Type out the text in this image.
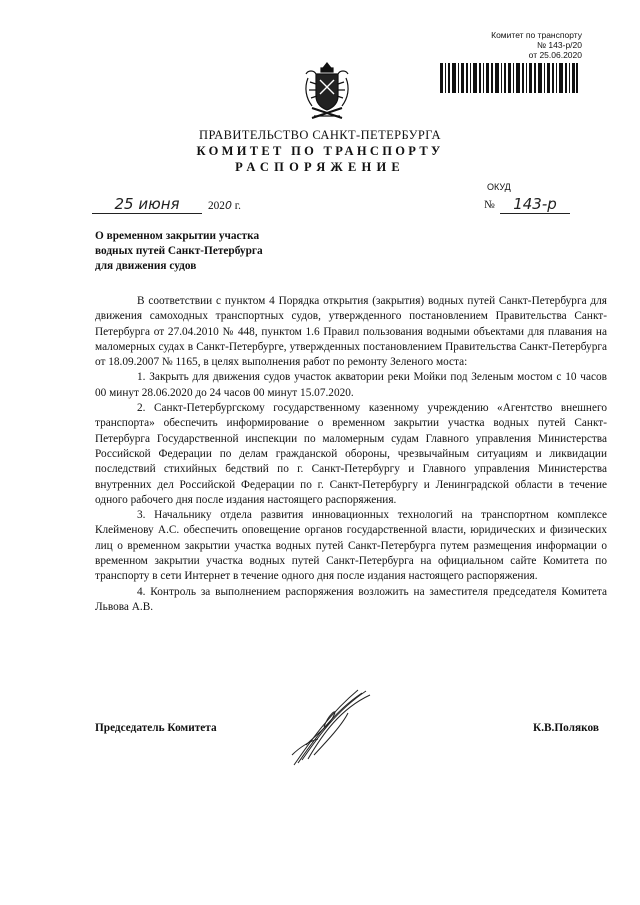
Комитет по транспорту
№ 143-р/20
от 25.06.2020
ПРАВИТЕЛЬСТВО САНКТ-ПЕТЕРБУРГА
КОМИТЕТ ПО ТРАНСПОРТУ
РАСПОРЯЖЕНИЕ
ОКУД
25 июня	2020 г.	№	143-р
О временном закрытии участка
водных путей Санкт-Петербурга
для движения судов

В соответствии с пунктом 4 Порядка открытия (закрытия) водных путей Санкт-Петербурга для движения самоходных транспортных судов, утвержденного постановлением Правительства Санкт-Петербурга от 27.04.2010 № 448, пунктом 1.6 Правил пользования водными объектами для плавания на маломерных судах в Санкт-Петербурге, утвержденных постановлением Правительства Санкт-Петербурга от 18.09.2007 № 1165, в целях выполнения работ по ремонту Зеленого моста:

1. Закрыть для движения судов участок акватории реки Мойки под Зеленым мостом с 10 часов 00 минут 28.06.2020 до 24 часов 00 минут 15.07.2020.

2. Санкт-Петербургскому государственному казенному учреждению «Агентство внешнего транспорта» обеспечить информирование о временном закрытии участка водных путей Санкт-Петербурга Государственной инспекции по маломерным судам Главного управления Министерства Российской Федерации по делам гражданской обороны, чрезвычайным ситуациям и ликвидации последствий стихийных бедствий по г. Санкт-Петербургу и Главного управления Министерства внутренних дел Российской Федерации по г. Санкт-Петербургу и Ленинградской области в течение одного рабочего дня после издания настоящего распоряжения.

3. Начальнику отдела развития инновационных технологий на транспортном комплексе Клейменову А.С. обеспечить оповещение органов государственной власти, юридических и физических лиц о временном закрытии участка водных путей Санкт-Петербурга путем размещения информации о временном закрытии участка водных путей Санкт-Петербурга на официальном сайте Комитета по транспорту в сети Интернет в течение одного дня после издания настоящего распоряжения.

4. Контроль за выполнением распоряжения возложить на заместителя председателя Комитета Львова А.В.

Председатель Комитета	К.В.Поляков
